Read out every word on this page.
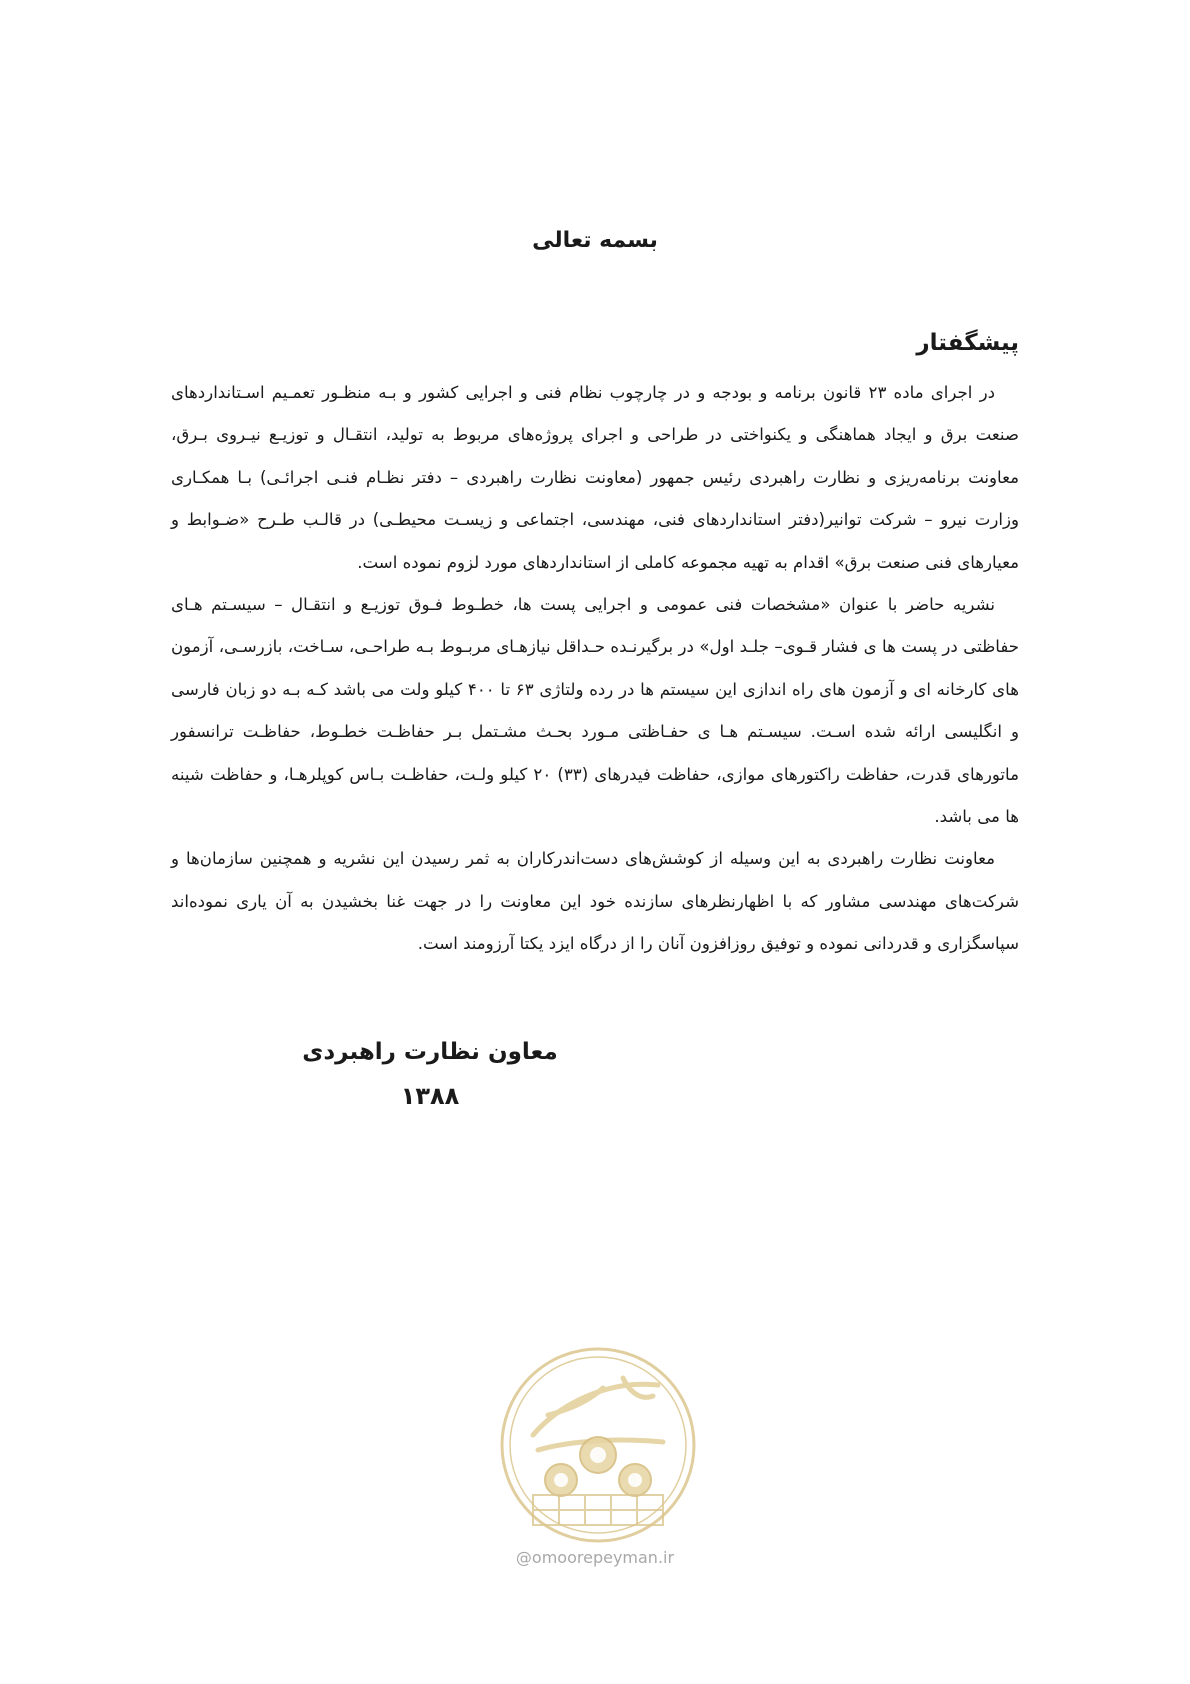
بسمه تعالی
پیشگفتار

در اجرای ماده ۲۳ قانون برنامه و بودجه و در چارچوب نظام فنی و اجرایی کشور و بـه منظـور تعمـیم اسـتانداردهای صنعت برق و ایجاد هماهنگی و یکنواختی در طراحی و اجرای پروژه‌های مربوط به تولید، انتقـال و توزیـع نیـروی بـرق، معاونت برنامه‌ریزی و نظارت راهبردی رئیس جمهور (معاونت نظارت راهبردی – دفتر نظـام فنـی اجرائـی) بـا همکـاری وزارت نیرو – شرکت توانیر(دفتر استانداردهای فنی، مهندسی، اجتماعی و زیسـت محیطـی) در قالـب طـرح «ضـوابط و معیارهای فنی صنعت برق» اقدام به تهیه مجموعه کاملی از استانداردهای مورد لزوم نموده است.

نشریه حاضر با عنوان «مشخصات فنی عمومی و اجرایی پست ها، خطـوط فـوق توزیـع و انتقـال – سیسـتم هـای حفاظتی در پست ها ی فشار قـوی– جلـد اول» در برگیرنـده حـداقل نیازهـای مربـوط بـه طراحـی، سـاخت، بازرسـی، آزمون های کارخانه ای و آزمون های راه اندازی این سیستم ها در رده ولتاژی ۶۳ تا ۴۰۰ کیلو ولت می باشد کـه بـه دو زبان فارسی و انگلیسی ارائه شده اسـت. سیسـتم هـا ی حفـاظتی مـورد بحـث مشـتمل بـر حفاظـت خطـوط، حفاظـت ترانسفور ماتورهای قدرت، حفاظت راکتورهای موازی، حفاظت فیدرهای (۳۳) ۲۰ کیلو ولـت، حفاظـت بـاس کوپلرهـا، و حفاظت شینه ها می باشد.

معاونت نظارت راهبردی به این وسیله از کوشش‌های دست‌اندرکاران به ثمر رسیدن این نشریه و همچنین سازمان‌ها و شرکت‌های مهندسی مشاور که با اظهارنظرهای سازنده خود این معاونت را در جهت غنا بخشیدن به آن یاری نموده‌اند سپاسگزاری و قدردانی نموده و توفیق روزافزون آنان را از درگاه ایزد یکتا آرزومند است.

معاون نظارت راهبردی
۱۳۸۸
@omoorepeyman.ir
